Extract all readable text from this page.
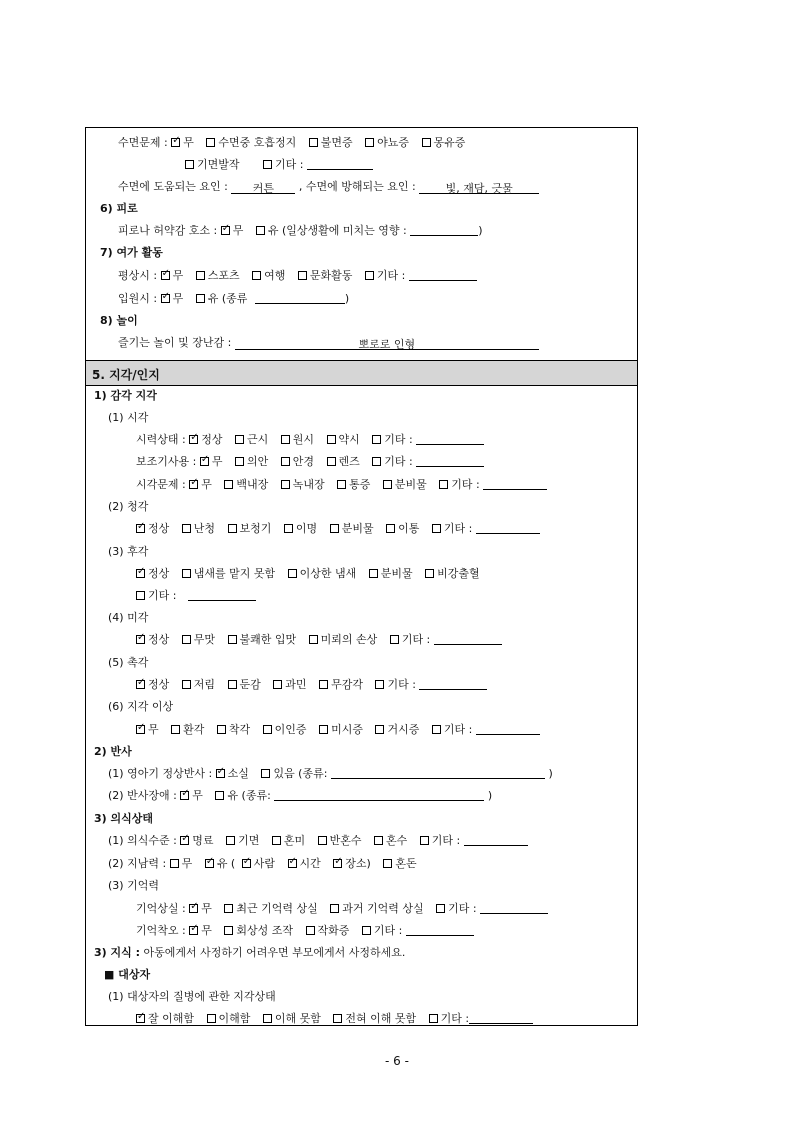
수면문제 : ✓ 무 수면중 호흡정지 불면증 야뇨증 몽유증
기면발작	기타 :
수면에 도움되는 요인 : 커튼 , 수면에 방해되는 요인 :	빛, 재담, 긋물
6) 피로
피로나 허약감 호소 : ✓ 무 유 (일상생활에 미치는 영향 :	)
7) 여가 활동
평상시 : ✓ 무 스포츠 여행 문화활동 기타 :
입원시 : ✓ 무 유 (종류	)
8) 놀이
즐기는 놀이 및 장난감 :	뽀로로 인형
5. 지각/인지
1) 감각 지각
(1) 시각
시력상태 : ✓ 정상 근시 원시 약시 기타 :
보조기사용 : ✓ 무 의안 안경 렌즈 기타 :
시각문제 : ✓ 무 백내장 녹내장 통증 분비물 기타 :
(2) 청각
✓정상 난청 보청기 이명 분비물 이통 기타 :
(3) 후각
✓정상 냄새를 맡지 못함 이상한 냄새 분비물 비강출혈
기타 :
(4) 미각
✓정상 무맛 불쾌한 입맛 미뢰의 손상 기타 :
(5) 촉각
✓정상 저림 둔감 과민 무감각 기타 :
(6) 지각 이상
✓무 환각 착각 이인증 미시증 거시증 기타 :
2) 반사
(1) 영아기 정상반사 : ✓ 소실 있음 (종류:	)
(2) 반사장애 : ✓ 무 유 (종류:	)
3) 의식상태
(1) 의식수준 : ✓ 명료 기면 혼미 반혼수 혼수 기타 :
(2) 지남력 : 무 ✓ 유 ( ✓ 사람 ✓ 시간 ✓ 장소) 혼돈
(3) 기억력
기억상실 : ✓ 무 최근 기억력 상실 과거 기억력 상실 기타 :
기억착오 : ✓ 무 회상성 조작 작화증 기타 :
3) 지식 : 아동에게서 사정하기 어려우면 부모에게서 사정하세요.
■ 대상자
(1) 대상자의 질병에 관한 지각상태
✓잘 이해함 이해함 이해 못함 전혀 이해 못함 기타 :
- 6 -
